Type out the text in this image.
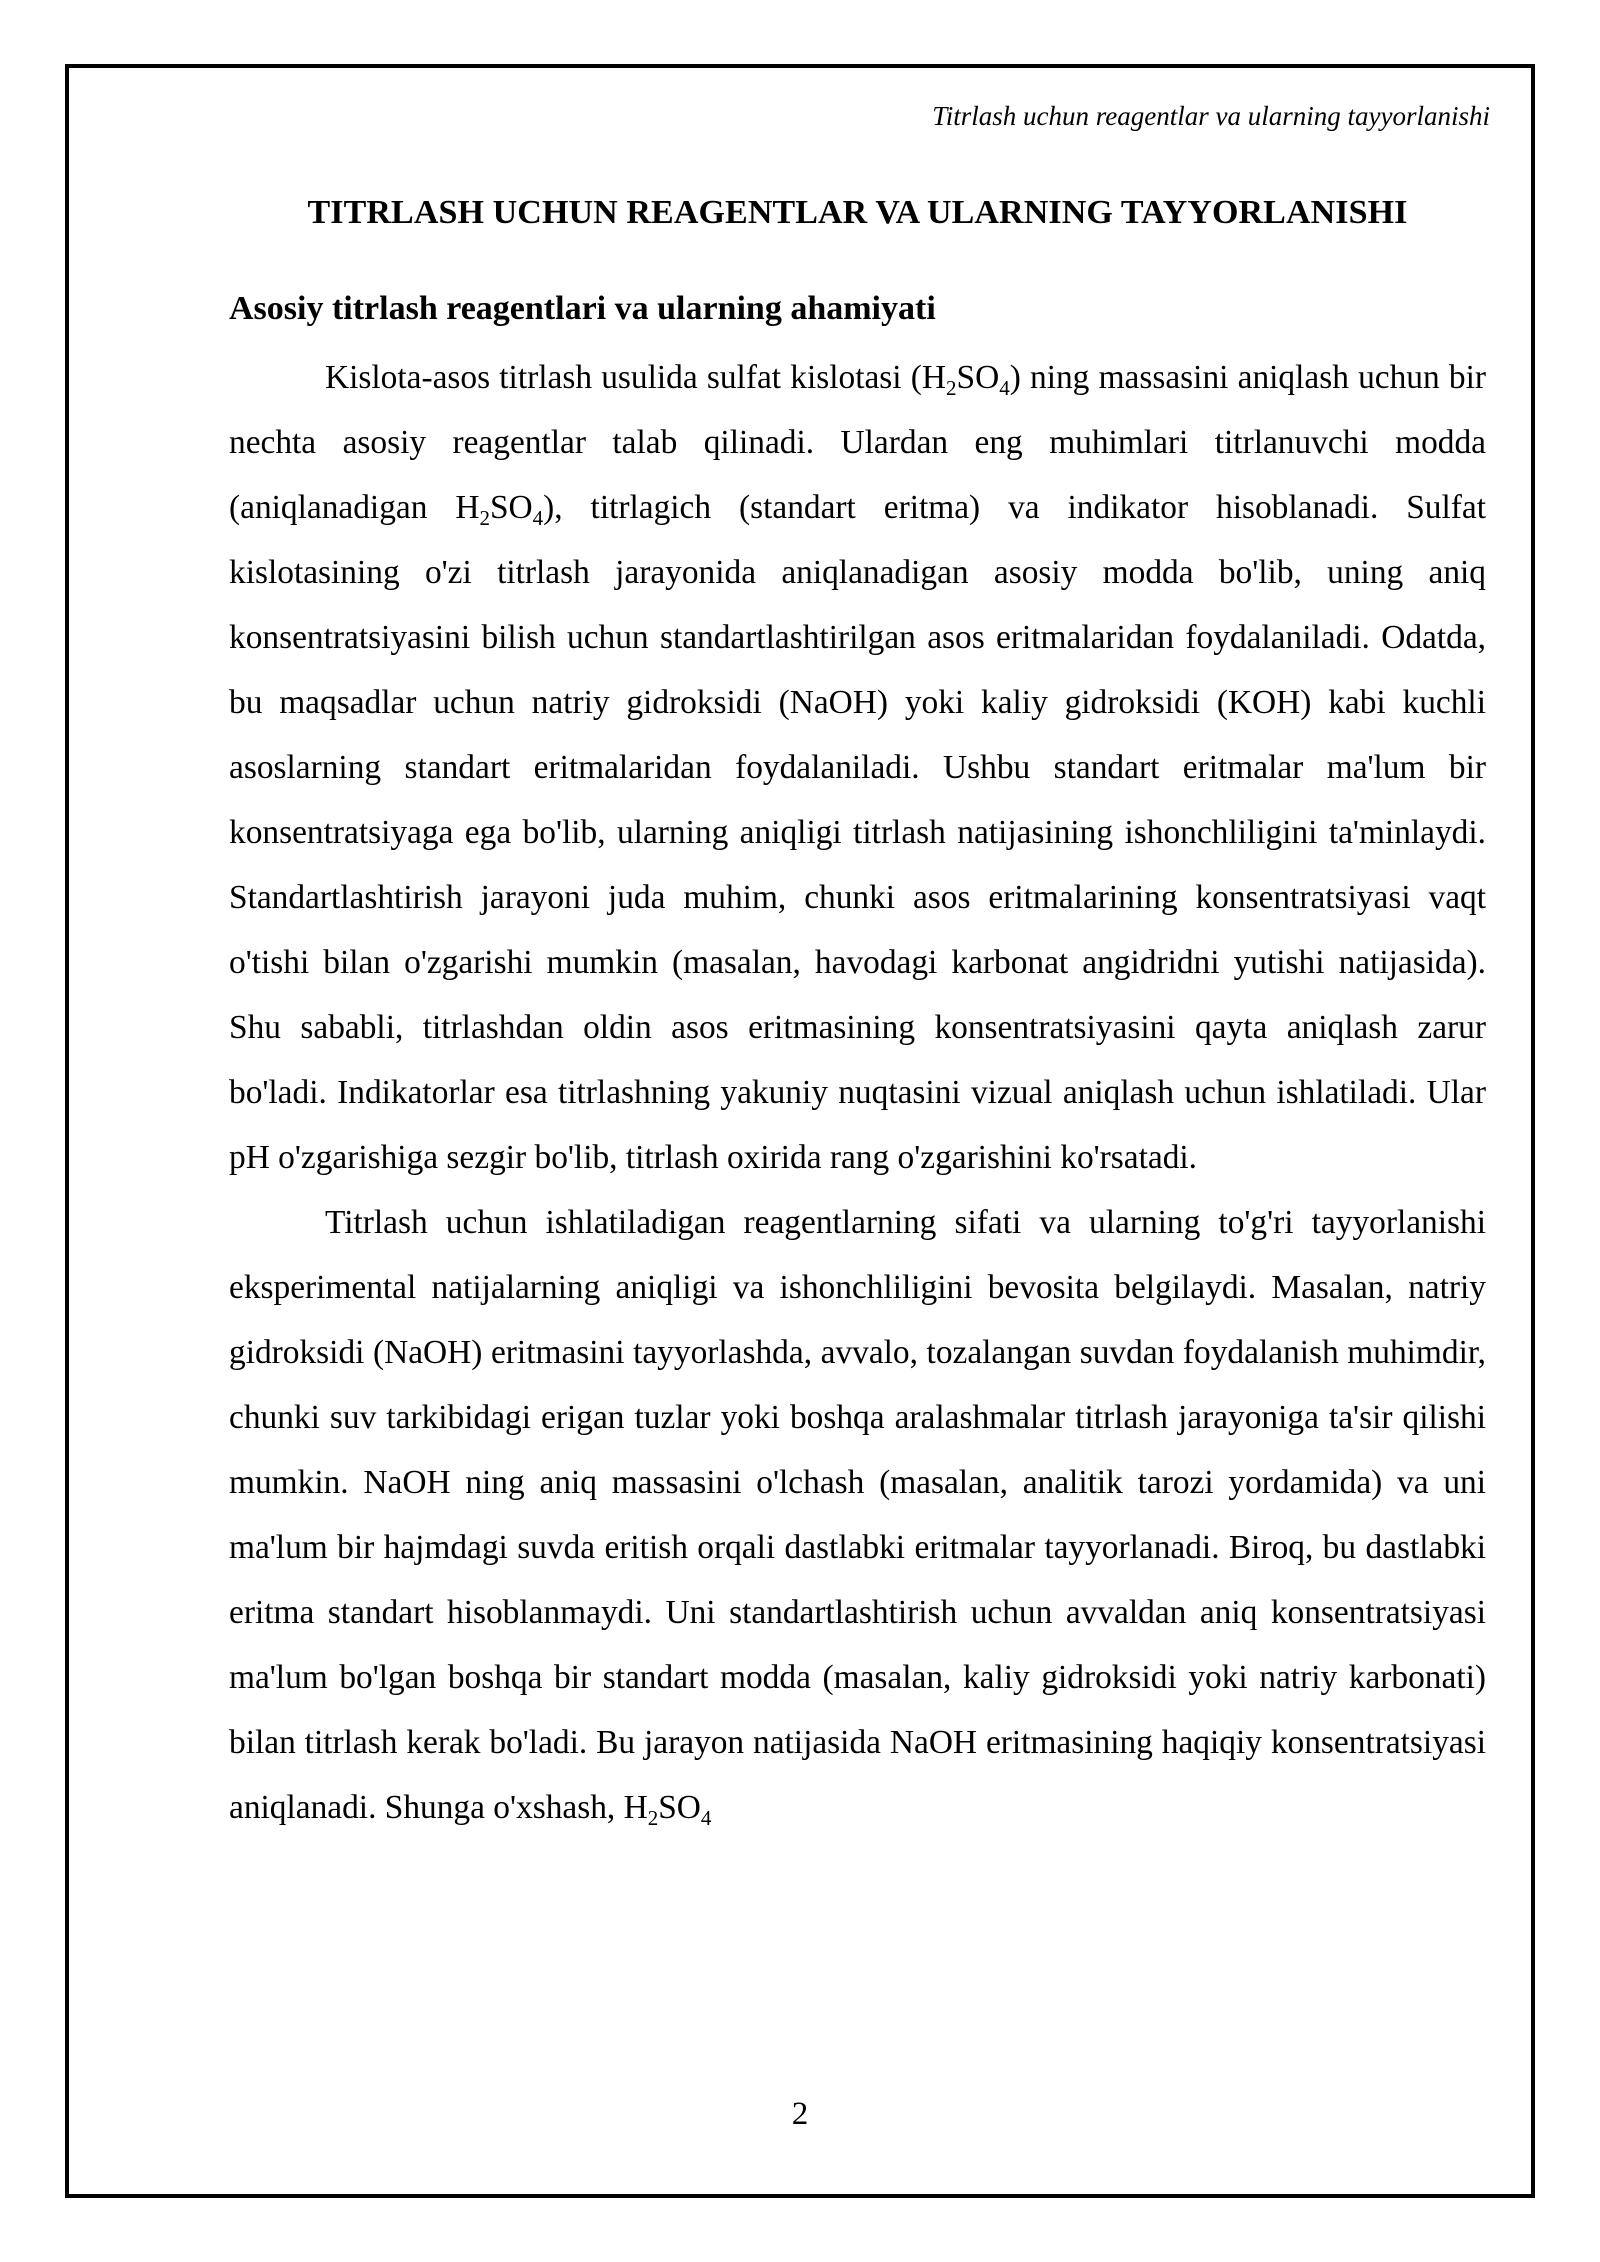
Titrlash uchun reagentlar va ularning tayyorlanishi
TITRLASH UCHUN REAGENTLAR VA ULARNING TAYYORLANISHI
Asosiy titrlash reagentlari va ularning ahamiyati

Kislota-asos titrlash usulida sulfat kislotasi $(H_2SO_4)$ ning massasini aniqlash uchun bir nechta asosiy reagentlar talab qilinadi. Ulardan eng muhimlari titrlanuvchi modda (aniqlanadigan $H_2SO_4$), titrlagich (standart eritma) va indikator hisoblanadi. Sulfat kislotasining o'zi titrlash jarayonida aniqlanadigan asosiy modda bo'lib, uning aniq konsentratsiyasini bilish uchun standartlashtirilgan asos eritmalaridan foydalaniladi. Odatda, bu maqsadlar uchun natriy gidroksidi (NaOH) yoki kaliy gidroksidi (KOH) kabi kuchli asoslarning standart eritmalaridan foydalaniladi. Ushbu standart eritmalar ma'lum bir konsentratsiyaga ega bo'lib, ularning aniqligi titrlash natijasining ishonchliligini ta'minlaydi. Standartlashtirish jarayoni juda muhim, chunki asos eritmalarining konsentratsiyasi vaqt o'tishi bilan o'zgarishi mumkin (masalan, havodagi karbonat angidridni yutishi natijasida). Shu sababli, titrlashdan oldin asos eritmasining konsentratsiyasini qayta aniqlash zarur bo'ladi. Indikatorlar esa titrlashning yakuniy nuqtasini vizual aniqlash uchun ishlatiladi. Ular pH o'zgarishiga sezgir bo'lib, titrlash oxirida rang o'zgarishini ko'rsatadi.

Titrlash uchun ishlatiladigan reagentlarning sifati va ularning to'g'ri tayyorlanishi eksperimental natijalarning aniqligi va ishonchliligini bevosita belgilaydi. Masalan, natriy gidroksidi (NaOH) eritmasini tayyorlashda, avvalo, tozalangan suvdan foydalanish muhimdir, chunki suv tarkibidagi erigan tuzlar yoki boshqa aralashmalar titrlash jarayoniga ta'sir qilishi mumkin. NaOH ning aniq massasini o'lchash (masalan, analitik tarozi yordamida) va uni ma'lum bir hajmdagi suvda eritish orqali dastlabki eritmalar tayyorlanadi. Biroq, bu dastlabki eritma standart hisoblanmaydi. Uni standartlashtirish uchun avvaldan aniq konsentratsiyasi ma'lum bo'lgan boshqa bir standart modda (masalan, kaliy gidroksidi yoki natriy karbonati) bilan titrlash kerak bo'ladi. Bu jarayon natijasida NaOH eritmasining haqiqiy konsentratsiyasi aniqlanadi. Shunga o'xshash, $H_2SO_4$

2
